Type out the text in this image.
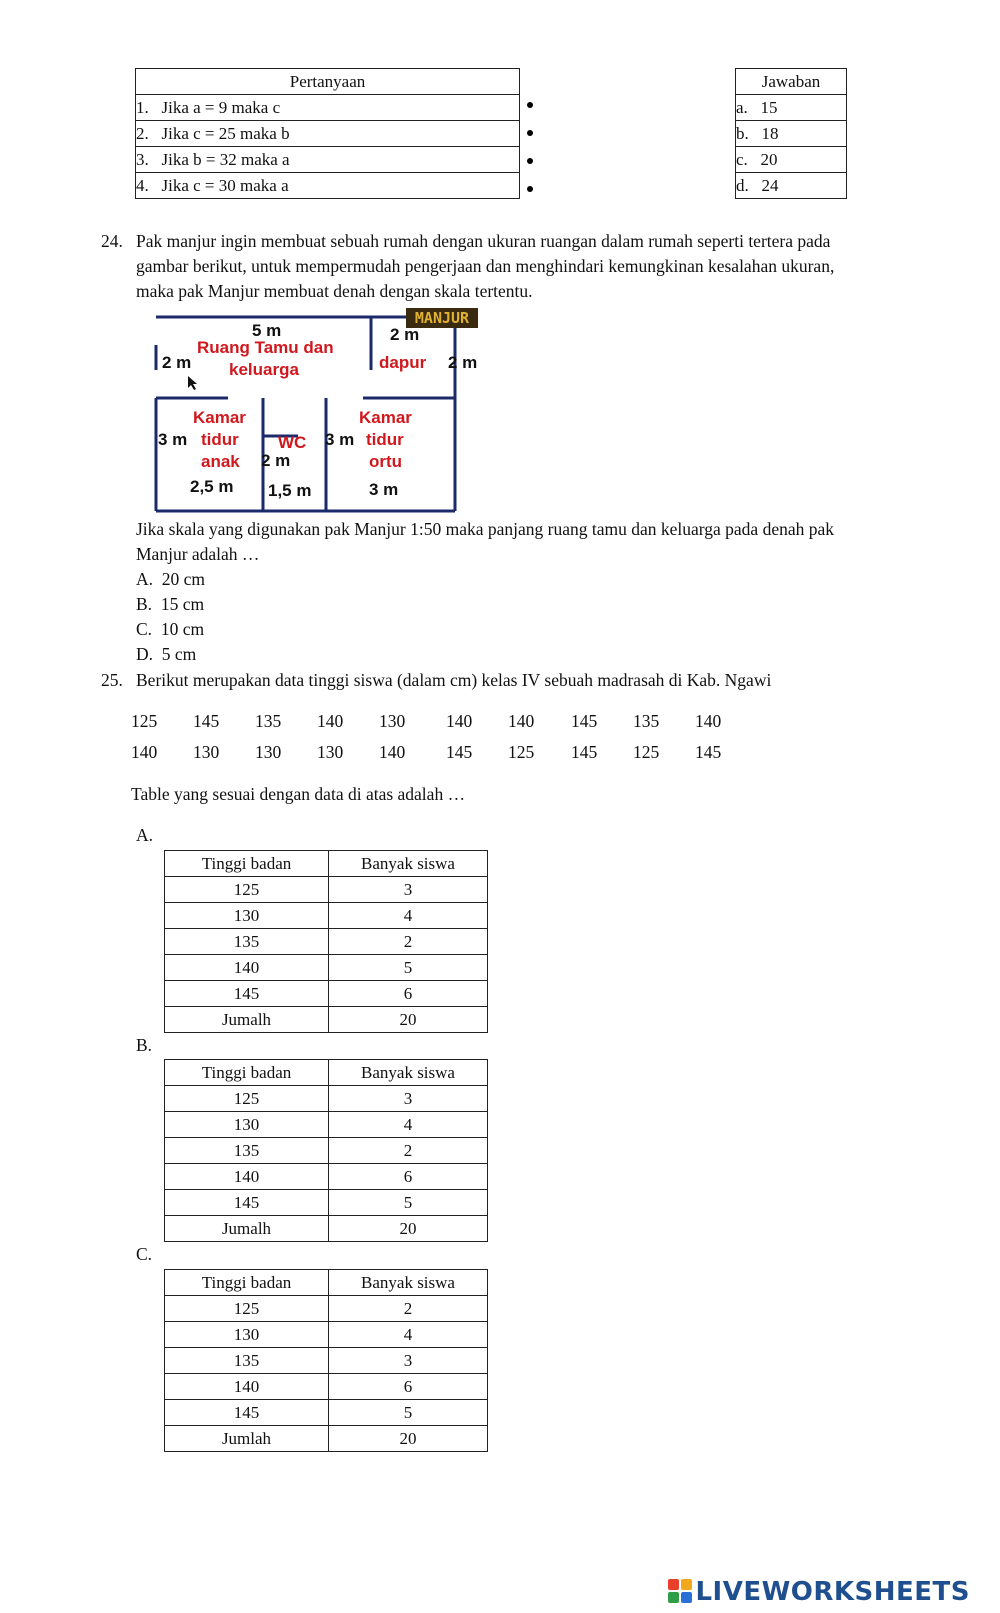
Pertanyaan
1. Jika a = 9 maka c
2. Jika c = 25 maka b
3. Jika b = 32 maka a
4. Jika c = 30 maka a
Jawaban
a. 15
b. 18
c. 20
d. 24
24. Pak manjur ingin membuat sebuah rumah dengan ukuran ruangan dalam rumah seperti tertera pada
gambar berikut, untuk mempermudah pengerjaan dan menghindari kemungkinan kesalahan ukuran,
maka pak Manjur membuat denah dengan skala tertentu.
MANJUR
5 m
Ruang Tamu dan
keluarga
2 m
2 m
dapur 2 m
Kamar
tidur
anak
3 m
2,5 m
WC
2 m
1,5 m
Kamar
tidur
ortu
3 m
3 m
Jika skala yang digunakan pak Manjur 1:50 maka panjang ruang tamu dan keluarga pada denah pak
Manjur adalah …
A. 20 cm
B. 15 cm
C. 10 cm
D. 5 cm
25. Berikut merupakan data tinggi siswa (dalam cm) kelas IV sebuah madrasah di Kab. Ngawi
125 145 135 140 130 140 140 145 135 140
140 130 130 130 140 145 125 145 125 145
Table yang sesuai dengan data di atas adalah …
A.
Tinggi badan	Banyak siswa
125	3
130	4
135	2
140	5
145	6
Jumalh	20
B.
Tinggi badan	Banyak siswa
125	3
130	4
135	2
140	6
145	5
Jumalh	20
C.
Tinggi badan	Banyak siswa
125	2
130	4
135	3
140	6
145	5
Jumlah	20
LIVEWORKSHEETS
